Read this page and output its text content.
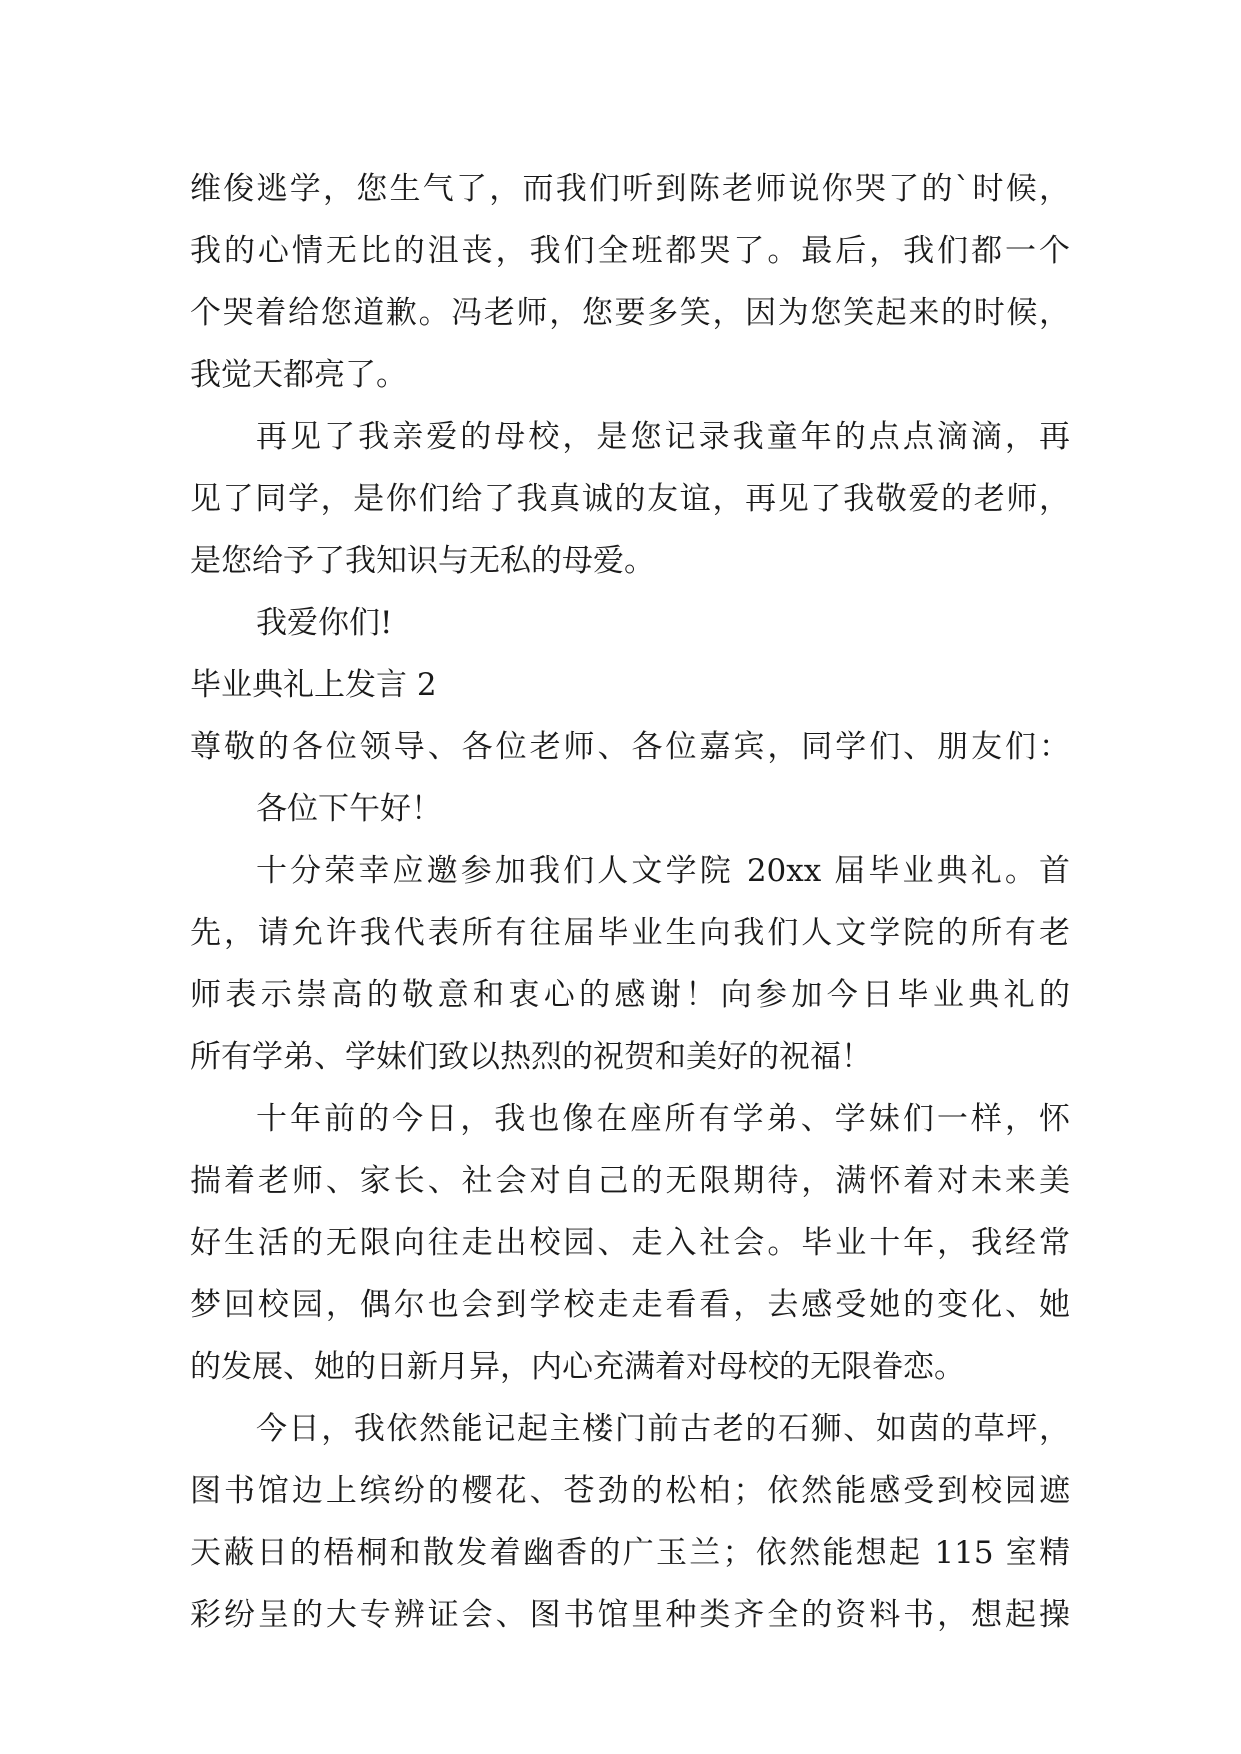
维俊逃学，您生气了，而我们听到陈老师说你哭了的`时候，
我的心情无比的沮丧，我们全班都哭了。最后，我们都一个
个哭着给您道歉。冯老师，您要多笑，因为您笑起来的时候，
我觉天都亮了。
再见了我亲爱的母校，是您记录我童年的点点滴滴，再
见了同学，是你们给了我真诚的友谊，再见了我敬爱的老师，
是您给予了我知识与无私的母爱。
我爱你们!
毕业典礼上发言 2
尊敬的各位领导、各位老师、各位嘉宾，同学们、朋友们：
各位下午好！
十分荣幸应邀参加我们人文学院 20xx 届毕业典礼。首
先，请允许我代表所有往届毕业生向我们人文学院的所有老
师表示崇高的敬意和衷心的感谢！向参加今日毕业典礼的
所有学弟、学妹们致以热烈的祝贺和美好的祝福！
十年前的今日，我也像在座所有学弟、学妹们一样，怀
揣着老师、家长、社会对自己的无限期待，满怀着对未来美
好生活的无限向往走出校园、走入社会。毕业十年，我经常
梦回校园，偶尔也会到学校走走看看，去感受她的变化、她
的发展、她的日新月异，内心充满着对母校的无限眷恋。
今日，我依然能记起主楼门前古老的石狮、如茵的草坪，
图书馆边上缤纷的樱花、苍劲的松柏；依然能感受到校园遮
天蔽日的梧桐和散发着幽香的广玉兰；依然能想起 115 室精
彩纷呈的大专辨证会、图书馆里种类齐全的资料书，想起操
